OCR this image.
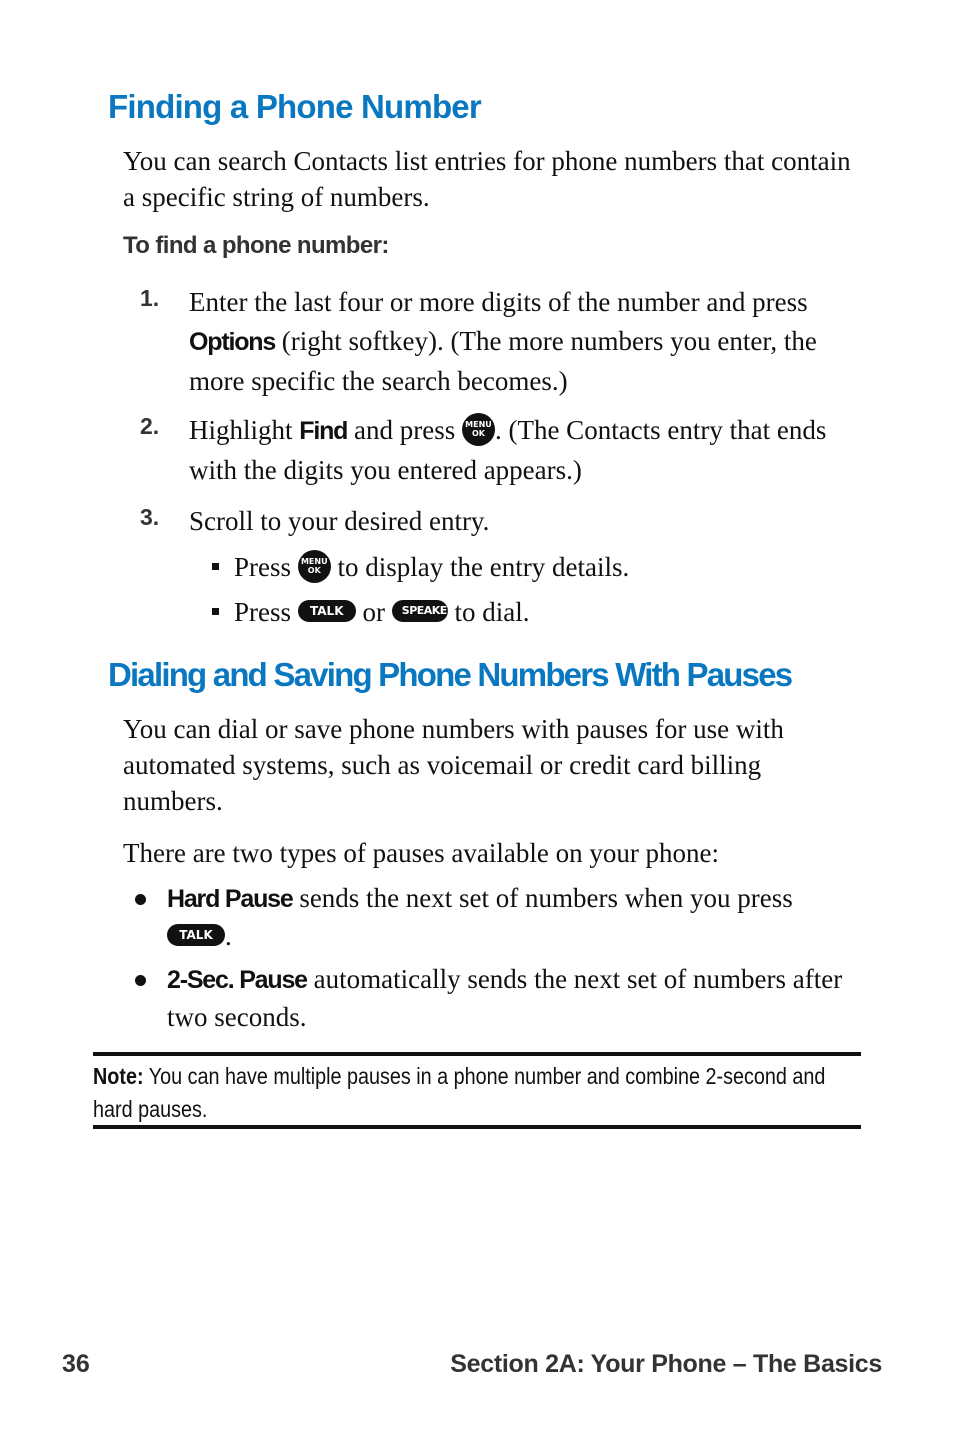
Finding a Phone Number

You can search Contacts list entries for phone numbers that contain a specific string of numbers.

To find a phone number:

1.	Enter the last four or more digits of the number and press Options (right softkey). (The more numbers you enter, the more specific the search becomes.)
2.	Highlight Find and press MENU
OK . (The Contacts entry that ends with the digits you entered appears.)
3.	Scroll to your desired entry.
Press MENU
OK to display the entry details.
Press TALK or SPEAKER to dial.
Dialing and Saving Phone Numbers With Pauses

You can dial or save phone numbers with pauses for use with automated systems, such as voicemail or credit card billing numbers.

There are two types of pauses available on your phone:

Hard Pause sends the next set of numbers when you press TALK .
2-Sec. Pause automatically sends the next set of numbers after two seconds.
Note: You can have multiple pauses in a phone number and combine 2-second and hard pauses.
36	Section 2A: Your Phone – The Basics
